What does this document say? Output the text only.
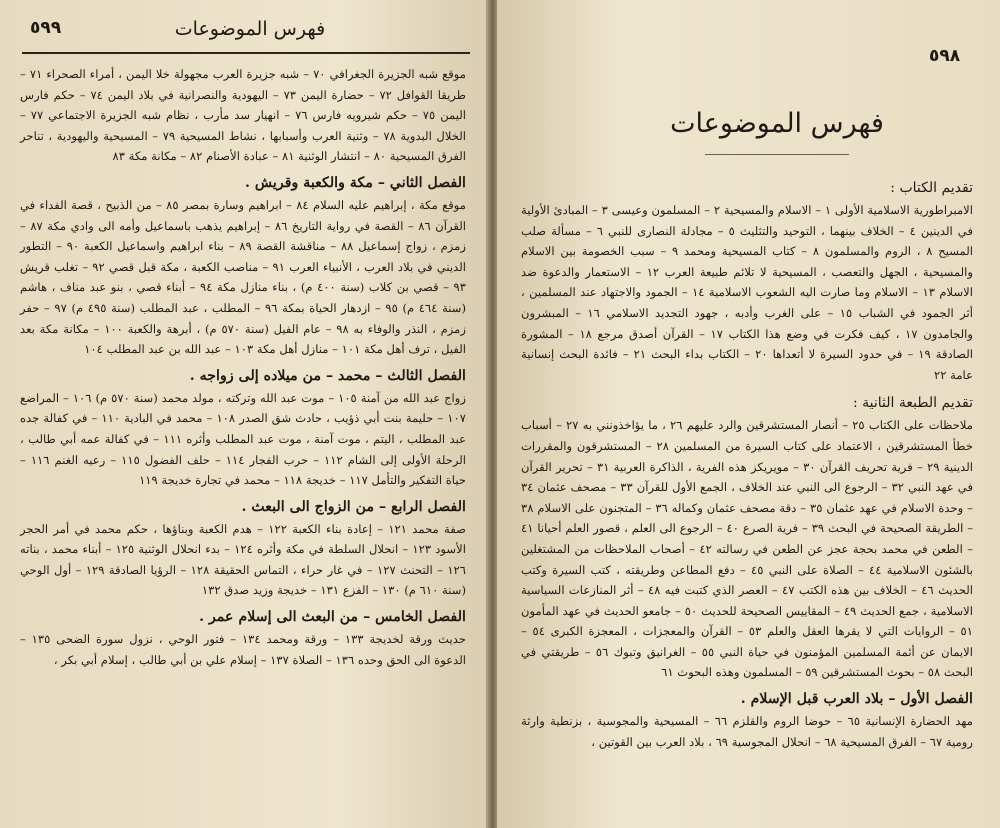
٥٩٩	فهرس الموضوعات

موقع شبه الجزيرة الجغرافي ٧٠ – شبه جزيرة العرب مجهولة خلا اليمن ، أمراء الصحراء ٧١ – طريقا القوافل ٧٢ – حضارة اليمن ٧٣ – اليهودية والنصرانية في بلاد اليمن ٧٤ – حكم فارس اليمن ٧٥ – حكم شيرويه فارس ٧٦ – انهيار سد مأرب ، نظام شبه الجزيرة الاجتماعي ٧٧ – الخلال البدوية ٧٨ – وثنية العرب وأسبابها ، نشاط المسيحية ٧٩ – المسيحية واليهودية ، تناحر الفرق المسيحية ٨٠ – انتشار الوثنية ٨١ – عبادة الأصنام ٨٢ – مكانة مكة ٨٣

الفصل الثاني – مكة والكعبة وقريش .

موقع مكة ، إبراهيم عليه السلام ٨٤ – ابراهيم وسارة بمصر ٨٥ – من الذبيح ، قصة الفداء في القرآن ٨٦ – القصة في رواية التاريخ ٨٦ – إبراهيم يذهب باسماعيل وأمه الى وادي مكة ٨٧ – زمزم ، زواج إسماعيل ٨٨ – مناقشة القصة ٨٩ – بناء ابراهيم واسماعيل الكعبة ٩٠ – التطور الديني في بلاد العرب ، الأنبياء العرب ٩١ – مناصب الكعبة ، مكة قبل قصي ٩٢ – تغلب قريش ٩٣ – قصي بن كلاب (سنة ٤٠٠ م) ، بناء منازل مكة ٩٤ – أبناء قصي ، بنو عبد مناف ، هاشم (سنة ٤٦٤ م) ٩٥ – ازدهار الحياة بمكة ٩٦ – المطلب ، عبد المطلب (سنة ٤٩٥ م) ٩٧ – حفر زمزم ، النذر والوفاء به ٩٨ – عام الفيل (سنة ٥٧٠ م) ، أبرهة والكعبة ١٠٠ – مكانة مكة بعد الفيل ، ترف أهل مكة ١٠١ – منازل أهل مكة ١٠٣ – عبد الله بن عبد المطلب ١٠٤

الفصل الثالث – محمد – من ميلاده إلى زواجه .

زواج عبد الله من آمنة ١٠٥ – موت عبد الله وتركته ، مولد محمد (سنة ٥٧٠ م) ١٠٦ – المراضع ١٠٧ – حليمة بنت أبي ذؤيب ، حادث شق الصدر ١٠٨ – محمد في البادية ١١٠ – في كفالة جده عبد المطلب ، اليتم ، موت آمنة ، موت عبد المطلب وأثره ١١١ – في كفالة عمه أبي طالب ، الرحلة الأولى إلى الشام ١١٢ – حرب الفجار ١١٤ – حلف الفضول ١١٥ – رعيه الغنم ١١٦ – حياة التفكير والتأمل ١١٧ – خديجة ١١٨ – محمد في تجارة خديجة ١١٩

الفصل الرابع – من الزواج الى البعث .

صفة محمد ١٢١ – إعادة بناء الكعبة ١٢٢ – هدم الكعبة وبناؤها ، حكم محمد في أمر الحجر الأسود ١٢٣ – انحلال السلطة في مكة وأثره ١٢٤ – بدء انحلال الوثنية ١٢٥ – أبناء محمد ، بناته ١٢٦ – التحنث ١٢٧ – في غار حراء ، التماس الحقيقة ١٢٨ – الرؤيا الصادقة ١٢٩ – أول الوحي (سنة ٦١٠ م) ١٣٠ – الفزع ١٣١ – خديجة وزيد صدق ١٣٢

الفصل الخامس – من البعث الى إسلام عمر .

حديث ورقة لخديجة ١٣٣ – ورقة ومحمد ١٣٤ – فتور الوحي ، نزول سورة الضحى ١٣٥ – الدعوة الى الحق وحده ١٣٦ – الصلاة ١٣٧ – إسلام علي بن أبي طالب ، إسلام أبي بكر ،

٥٩٨
فهرس الموضوعات

تقديم الكتاب :

الامبراطورية الاسلامية الأولى ١ – الاسلام والمسيحية ٢ – المسلمون وعيسى ٣ – المبادئ الأولية في الدينين ٤ – الخلاف بينهما ، التوحيد والتثليث ٥ – مجادلة النصارى للنبي ٦ – مسألة صلب المسيح ٨ ، الروم والمسلمون ٨ – كتاب المسيحية ومحمد ٩ – سبب الخصومة بين الاسلام والمسيحية ، الجهل والتعصب ، المسيحية لا تلائم طبيعة العرب ١٢ – الاستعمار والدعوة ضد الاسلام ١٣ – الاسلام وما صارت اليه الشعوب الاسلامية ١٤ – الجمود والاجتهاد عند المسلمين ، أثر الجمود في الشباب ١٥ – على الغرب وأدبه ، جهود التجديد الاسلامي ١٦ – المبشرون والجامدون ١٧ ، كيف فكرت في وضع هذا الكتاب ١٧ – القرآن أصدق مرجع ١٨ – المشورة الصادقة ١٩ – في حدود السيرة لا أتعداها ٢٠ – الكتاب بداء البحث ٢١ – فائدة البحث إنسانية عامة ٢٢

تقديم الطبعة الثانية :

ملاحظات على الكتاب ٢٥ – أنصار المستشرقين والرد عليهم ٢٦ ، ما يؤاخذونني به ٢٧ – أسباب خطأ المستشرقين ، الاعتماد على كتاب السيرة من المسلمين ٢٨ – المستشرقون والمقررات الدينية ٢٩ – فرية تحريف القرآن ٣٠ – مويريكز هذه الفرية ، الذاكرة العربية ٣١ – تحرير القرآن في عهد النبي ٣٢ – الرجوع الى النبي عند الخلاف ، الجمع الأول للقرآن ٣٣ – مصحف عثمان ٣٤ – وحدة الاسلام في عهد عثمان ٣٥ – دقة مصحف عثمان وكماله ٣٦ – المتجنون على الاسلام ٣٨ – الطريقة الصحيحة في البحث ٣٩ – فرية الصرع ٤٠ – الرجوع الى العلم ، قصور العلم أحيانا ٤١ – الطعن في محمد بحجة عجز عن الطعن في رسالته ٤٢ – أصحاب الملاحظات من المشتغلين بالشئون الاسلامية ٤٤ – الصلاة على النبي ٤٥ – دفع المطاعن وطريقته ، كتب السيرة وكتب الحديث ٤٦ – الخلاف بين هذه الكتب ٤٧ – العصر الذي كتبت فيه ٤٨ – أثر المنازعات السياسية الاسلامية ، جمع الحديث ٤٩ – المقاييس الصحيحة للحديث ٥٠ – جامعو الحديث في عهد المأمون ٥١ – الروايات التي لا يقرها العقل والعلم ٥٣ – القرآن والمعجزات ، المعجزة الكبرى ٥٤ – الايمان عن أئمة المسلمين المؤمنون في حياة النبي ٥٥ – الغرانيق وتبوك ٥٦ – طريقتي في البحث ٥٨ – بحوث المستشرقين ٥٩ – المسلمون وهذه البحوث ٦١

الفصل الأول – بلاد العرب قبل الإسلام .

مهد الحضارة الإنسانية ٦٥ – حوضا الروم والقلزم ٦٦ – المسيحية والمجوسية ، بزنطية وارثة رومية ٦٧ – الفرق المسيحية ٦٨ – انحلال المجوسية ٦٩ ، بلاد العرب بين القوتين ،
